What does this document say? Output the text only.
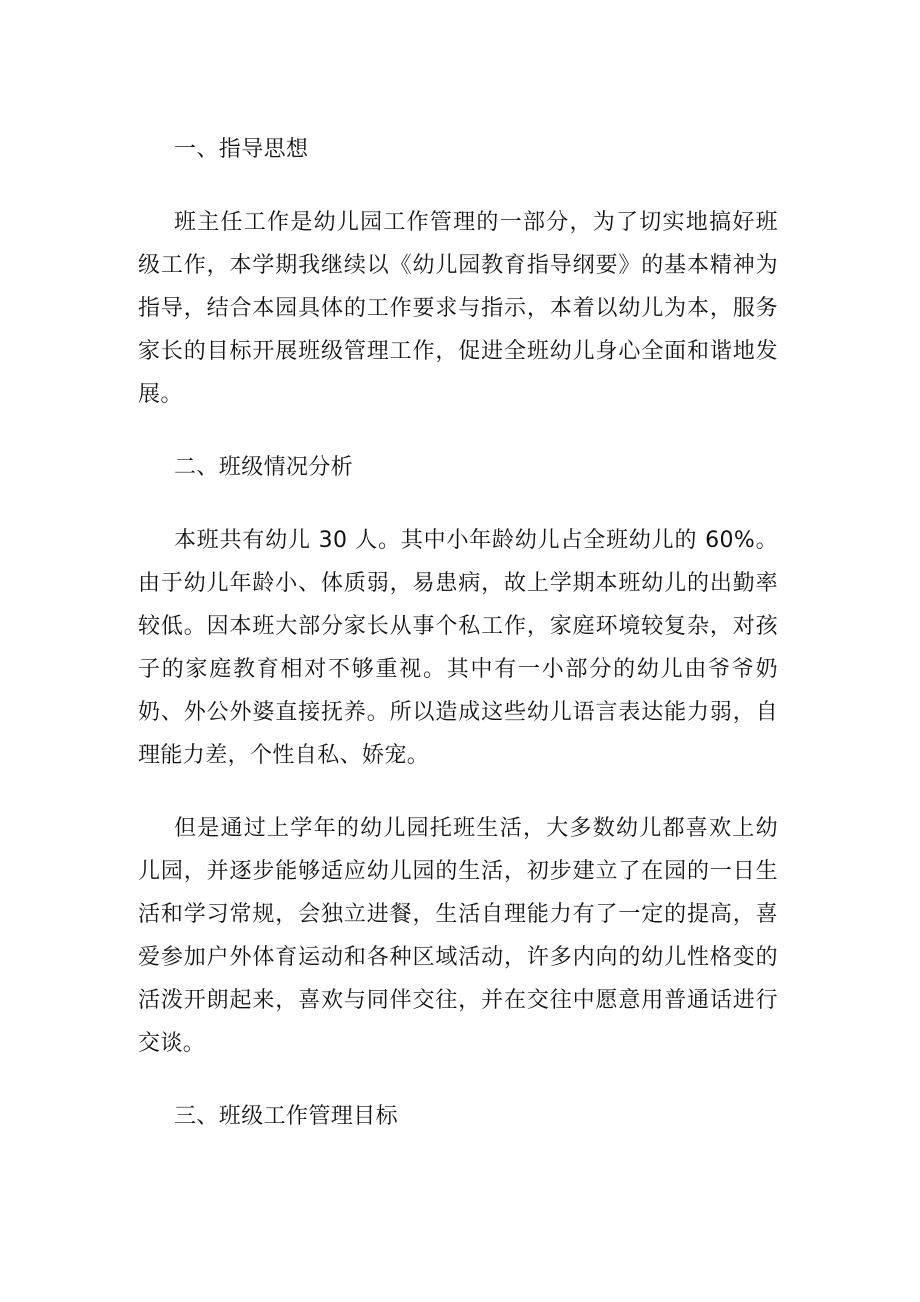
一、指导思想

班主任工作是幼儿园工作管理的一部分，为了切实地搞好班级工作，本学期我继续以《幼儿园教育指导纲要》的基本精神为指导，结合本园具体的工作要求与指示，本着以幼儿为本，服务家长的目标开展班级管理工作，促进全班幼儿身心全面和谐地发展。

二、班级情况分析

本班共有幼儿 30 人。其中小年龄幼儿占全班幼儿的 60%。由于幼儿年龄小、体质弱，易患病，故上学期本班幼儿的出勤率较低。因本班大部分家长从事个私工作，家庭环境较复杂，对孩子的家庭教育相对不够重视。其中有一小部分的幼儿由爷爷奶奶、外公外婆直接抚养。所以造成这些幼儿语言表达能力弱，自理能力差，个性自私、娇宠。

但是通过上学年的幼儿园托班生活，大多数幼儿都喜欢上幼儿园，并逐步能够适应幼儿园的生活，初步建立了在园的一日生活和学习常规，会独立进餐，生活自理能力有了一定的提高，喜爱参加户外体育运动和各种区域活动，许多内向的幼儿性格变的活泼开朗起来，喜欢与同伴交往，并在交往中愿意用普通话进行交谈。

三、班级工作管理目标
